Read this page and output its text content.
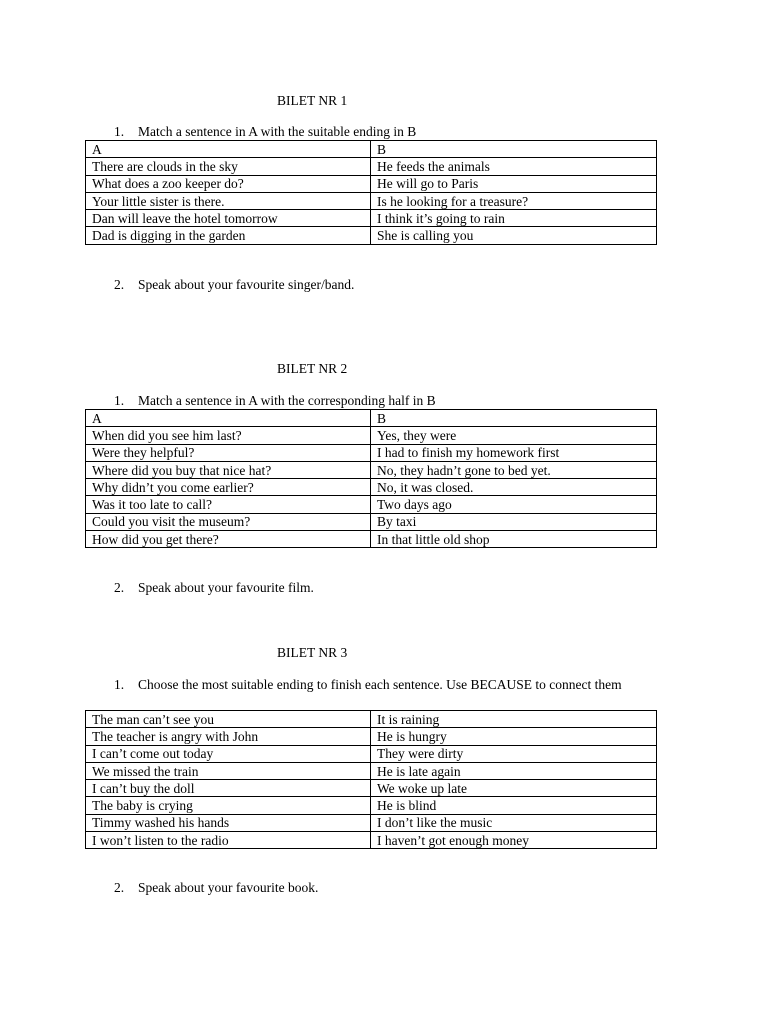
BILET NR 1
1.	Match a sentence in A with the suitable ending in B
A	B
There are clouds in the sky	He feeds the animals
What does a zoo keeper do?	He will go to Paris
Your little sister is there.	Is he looking for a treasure?
Dan will leave the hotel tomorrow	I think it’s going to rain
Dad is digging in the garden	She is calling you
2.	Speak about your favourite singer/band.
BILET NR 2
1.	Match a sentence in A with the corresponding half in B
A	B
When did you see him last?	Yes, they were
Were they helpful?	I had to finish my homework first
Where did you buy that nice hat?	No, they hadn’t gone to bed yet.
Why didn’t you come earlier?	No, it was closed.
Was it too late to call?	Two days ago
Could you visit the museum?	By taxi
How did you get there?	In that little old shop
2.	Speak about your favourite film.
BILET NR 3
1.	Choose the most suitable ending to finish each sentence. Use BECAUSE to connect them
The man can’t see you	It is raining
The teacher is angry with John	He is hungry
I can’t come out today	They were dirty
We missed the train	He is late again
I can’t buy the doll	We woke up late
The baby is crying	He is blind
Timmy washed his hands	I don’t like the music
I won’t listen to the radio	I haven’t got enough money
2.	Speak about your favourite book.
